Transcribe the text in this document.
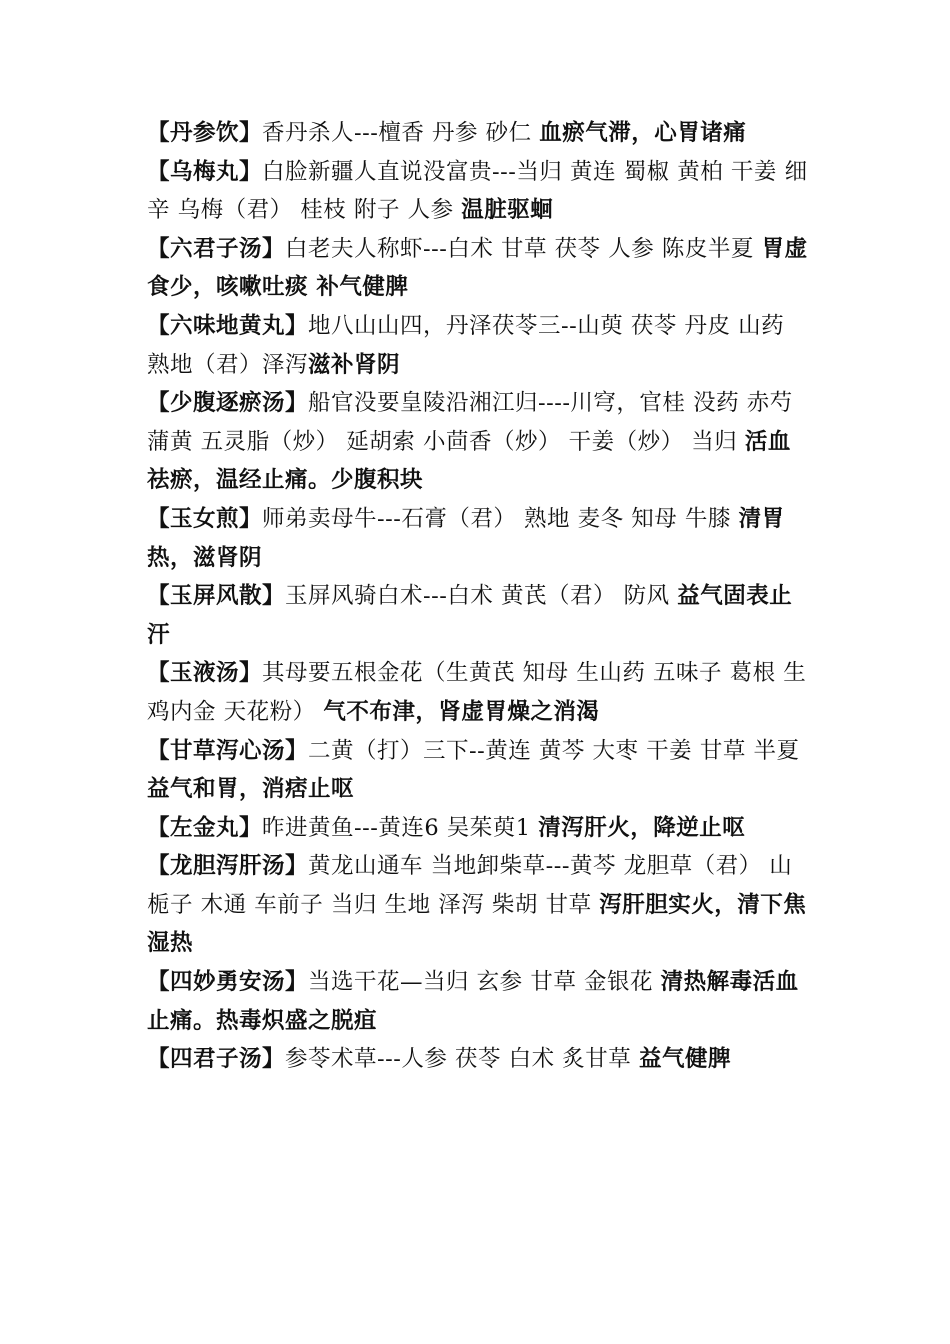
【丹参饮】香丹杀人---檀香 丹参 砂仁 血瘀气滞，心胃诸痛

【乌梅丸】白脸新疆人直说没富贵---当归 黄连 蜀椒 黄柏 干姜 细辛 乌梅（君） 桂枝 附子 人参 温脏驱蛔

【六君子汤】白老夫人称虾---白术 甘草 茯苓 人参 陈皮半夏 胃虚食少，咳嗽吐痰 补气健脾

【六味地黄丸】地八山山四，丹泽茯苓三--山萸 茯苓 丹皮 山药 熟地（君）泽泻滋补肾阴

【少腹逐瘀汤】船官没要皇陵沿湘江归----川穹，官桂 没药 赤芍 蒲黄 五灵脂（炒） 延胡索 小茴香（炒） 干姜（炒） 当归 活血祛瘀，温经止痛。少腹积块

【玉女煎】师弟卖母牛---石膏（君） 熟地 麦冬 知母 牛膝 清胃热，滋肾阴

【玉屏风散】玉屏风骑白术---白术 黄芪（君） 防风 益气固表止汗

【玉液汤】其母要五根金花（生黄芪 知母 生山药 五味子 葛根 生鸡内金 天花粉） 气不布津，肾虚胃燥之消渴

【甘草泻心汤】二黄（打）三下--黄连 黄芩 大枣 干姜 甘草 半夏 益气和胃，消痞止呕

【左金丸】昨进黄鱼---黄连6 吴茱萸1 清泻肝火，降逆止呕

【龙胆泻肝汤】黄龙山通车 当地卸柴草---黄芩 龙胆草（君） 山栀子 木通 车前子 当归 生地 泽泻 柴胡 甘草 泻肝胆实火，清下焦湿热

【四妙勇安汤】当选干花—当归 玄参 甘草 金银花 清热解毒活血止痛。热毒炽盛之脱疽

【四君子汤】参苓术草---人参 茯苓 白术 炙甘草 益气健脾
